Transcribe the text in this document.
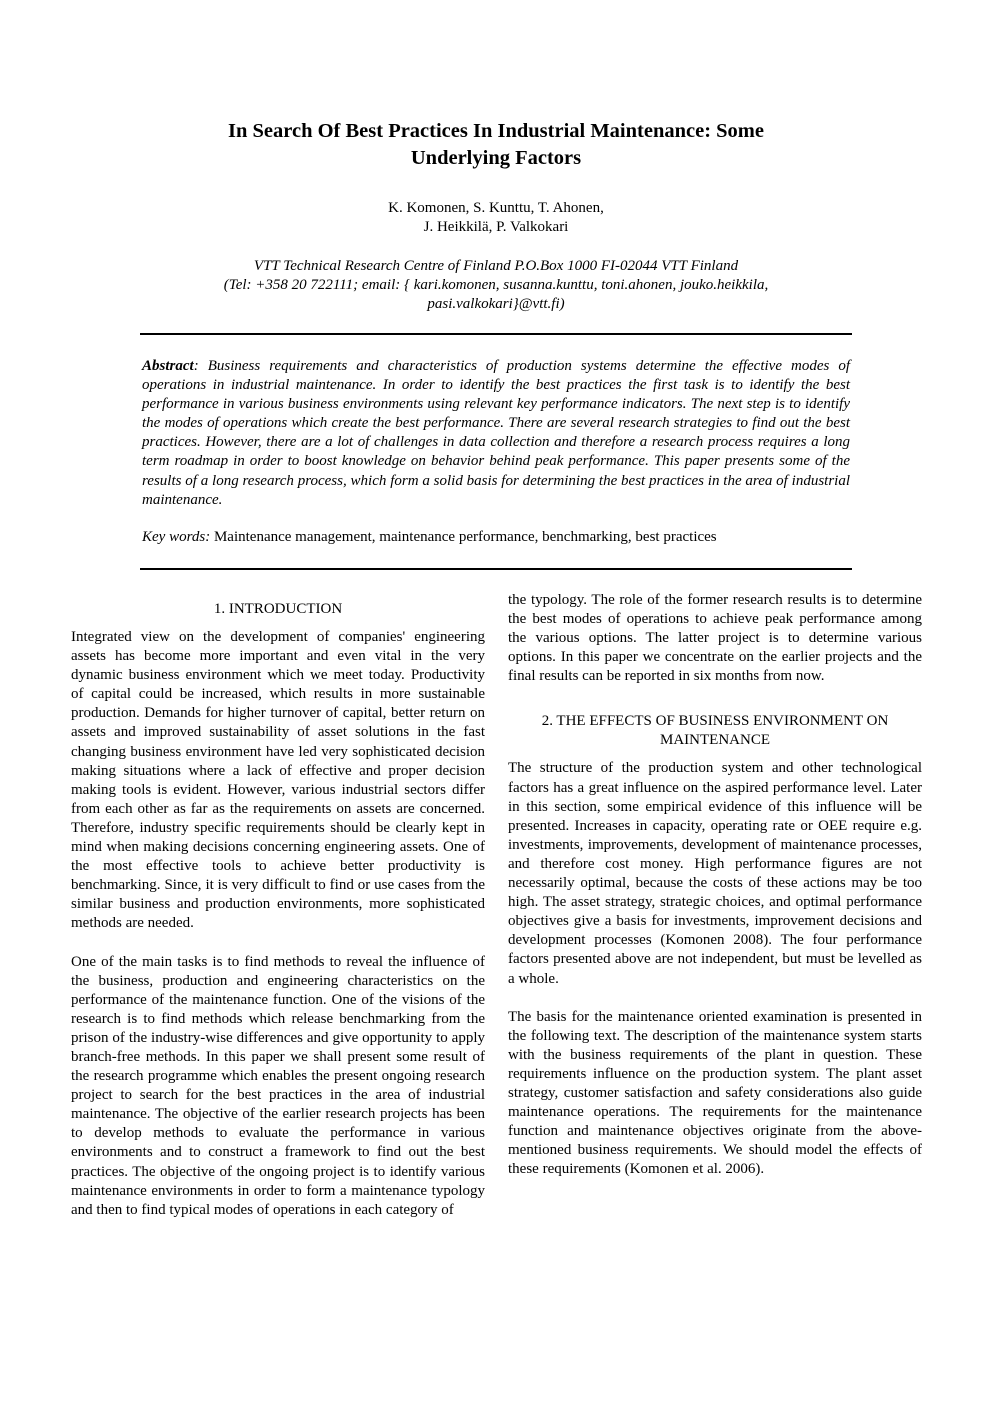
In Search Of Best Practices In Industrial Maintenance: Some
Underlying Factors
K. Komonen, S. Kunttu, T. Ahonen,
J. Heikkilä, P. Valkokari
VTT Technical Research Centre of Finland P.O.Box 1000 FI-02044 VTT Finland
(Tel: +358 20 722111; email: { kari.komonen, susanna.kunttu, toni.ahonen, jouko.heikkila,
pasi.valkokari}@vtt.fi)
Abstract: Business requirements and characteristics of production systems determine the effective modes of operations in industrial maintenance. In order to identify the best practices the first task is to identify the best performance in various business environments using relevant key performance indicators. The next step is to identify the modes of operations which create the best performance. There are several research strategies to find out the best practices. However, there are a lot of challenges in data collection and therefore a research process requires a long term roadmap in order to boost knowledge on behavior behind peak performance. This paper presents some of the results of a long research process, which form a solid basis for determining the best practices in the area of industrial maintenance.
Key words: Maintenance management, maintenance performance, benchmarking, best practices
1. INTRODUCTION

Integrated view on the development of companies' engineering assets has become more important and even vital in the very dynamic business environment which we meet today. Productivity of capital could be increased, which results in more sustainable production. Demands for higher turnover of capital, better return on assets and improved sustainability of asset solutions in the fast changing business environment have led very sophisticated decision making situations where a lack of effective and proper decision making tools is evident. However, various industrial sectors differ from each other as far as the requirements on assets are concerned. Therefore, industry specific requirements should be clearly kept in mind when making decisions concerning engineering assets. One of the most effective tools to achieve better productivity is benchmarking. Since, it is very difficult to find or use cases from the similar business and production environments, more sophisticated methods are needed.

One of the main tasks is to find methods to reveal the influence of the business, production and engineering characteristics on the performance of the maintenance function. One of the visions of the research is to find methods which release benchmarking from the prison of the industry-wise differences and give opportunity to apply branch-free methods. In this paper we shall present some result of the research programme which enables the present ongoing research project to search for the best practices in the area of industrial maintenance. The objective of the earlier research projects has been to develop methods to evaluate the performance in various environments and to construct a framework to find out the best practices. The objective of the ongoing project is to identify various maintenance environments in order to form a maintenance typology and then to find typical modes of operations in each category of

the typology. The role of the former research results is to determine the best modes of operations to achieve peak performance among the various options. The latter project is to determine various options. In this paper we concentrate on the earlier projects and the final results can be reported in six months from now.

2. THE EFFECTS OF BUSINESS ENVIRONMENT ON
MAINTENANCE

The structure of the production system and other technological factors has a great influence on the aspired performance level. Later in this section, some empirical evidence of this influence will be presented. Increases in capacity, operating rate or OEE require e.g. investments, improvements, development of maintenance processes, and therefore cost money. High performance figures are not necessarily optimal, because the costs of these actions may be too high. The asset strategy, strategic choices, and optimal performance objectives give a basis for investments, improvement decisions and development processes (Komonen 2008). The four performance factors presented above are not independent, but must be levelled as a whole.

The basis for the maintenance oriented examination is presented in the following text. The description of the maintenance system starts with the business requirements of the plant in question. These requirements influence on the production system. The plant asset strategy, customer satisfaction and safety considerations also guide maintenance operations. The requirements for the maintenance function and maintenance objectives originate from the above-mentioned business requirements. We should model the effects of these requirements (Komonen et al. 2006).
